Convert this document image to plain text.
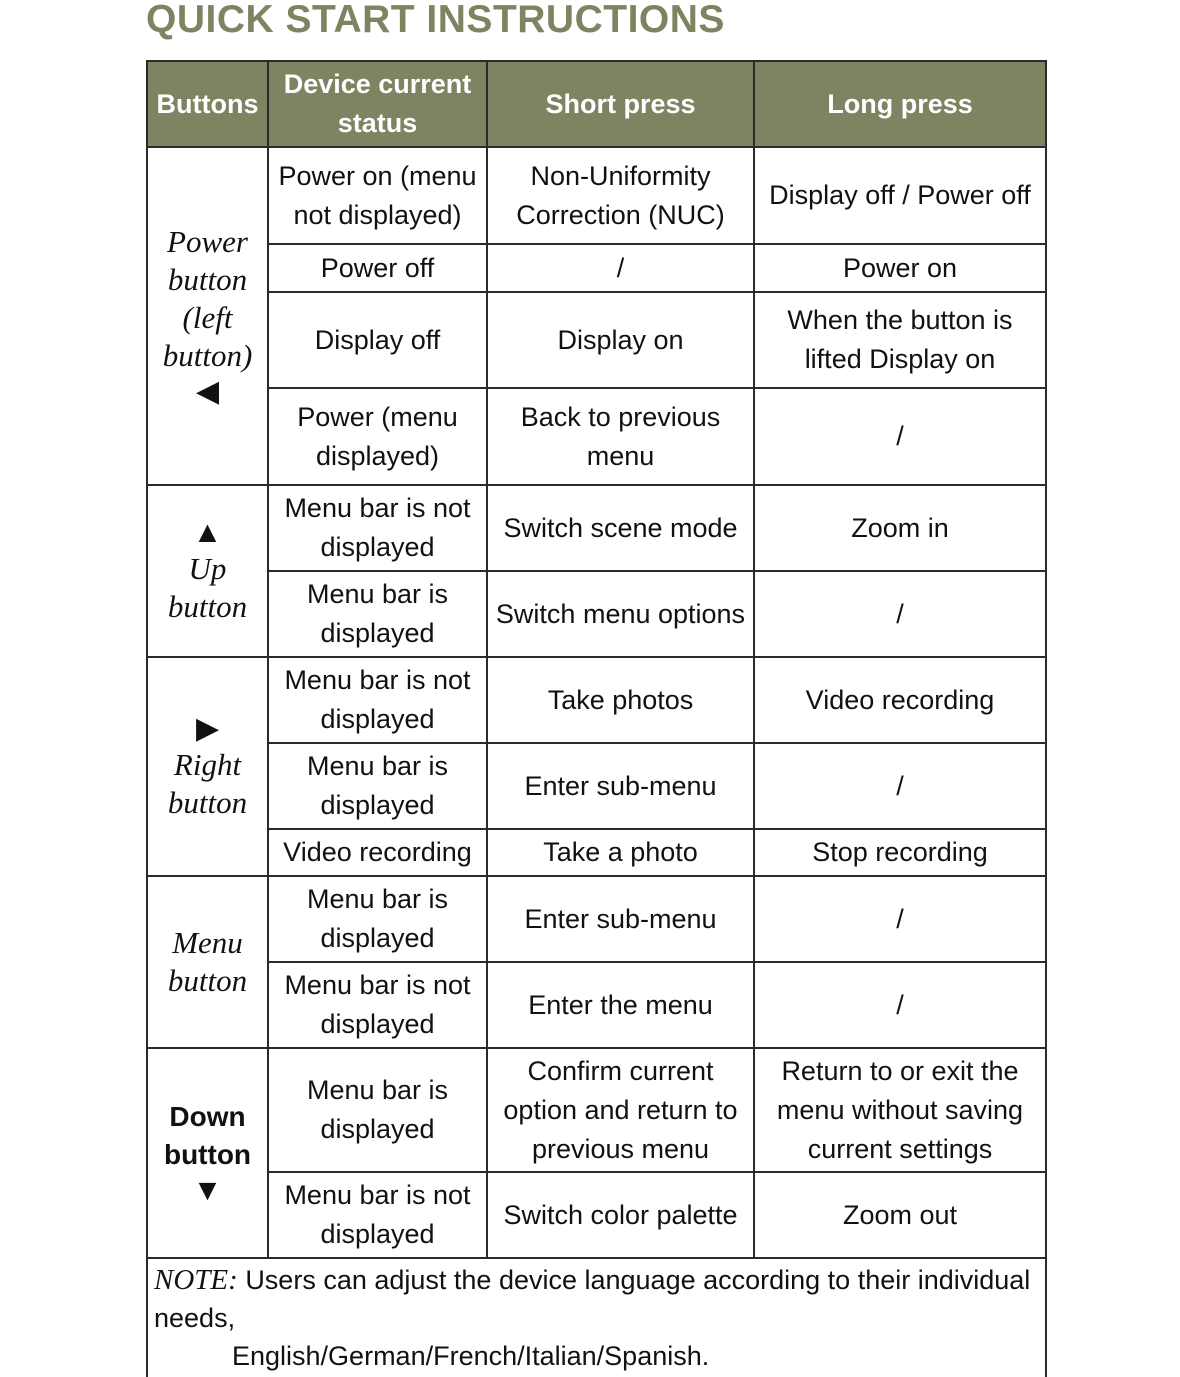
QUICK START INSTRUCTIONS
Buttons	Device current status	Short press	Long press
Power button (left button)
◀	Power on (menu not displayed)	Non-Uniformity Correction (NUC)	Display off / Power off
	Power off	/	Power on
	Display off	Display on	When the button is lifted Display on
	Power (menu displayed)	Back to previous menu	/

▲
Up button	Menu bar is not displayed	Switch scene mode	Zoom in
	Menu bar is displayed	Switch menu options	/

▶
Right button	Menu bar is not displayed	Take photos	Video recording
	Menu bar is displayed	Enter sub-menu	/
	Video recording	Take a photo	Stop recording
Menu button	Menu bar is displayed	Enter sub-menu	/
	Menu bar is not displayed	Enter the menu	/
Down button
▼	Menu bar is displayed	Confirm current option and return to previous menu	Return to or exit the menu without saving current settings
	Menu bar is not displayed	Switch color palette	Zoom out
NOTE: Users can adjust the device language according to their individual needs,
English/German/French/Italian/Spanish.			
